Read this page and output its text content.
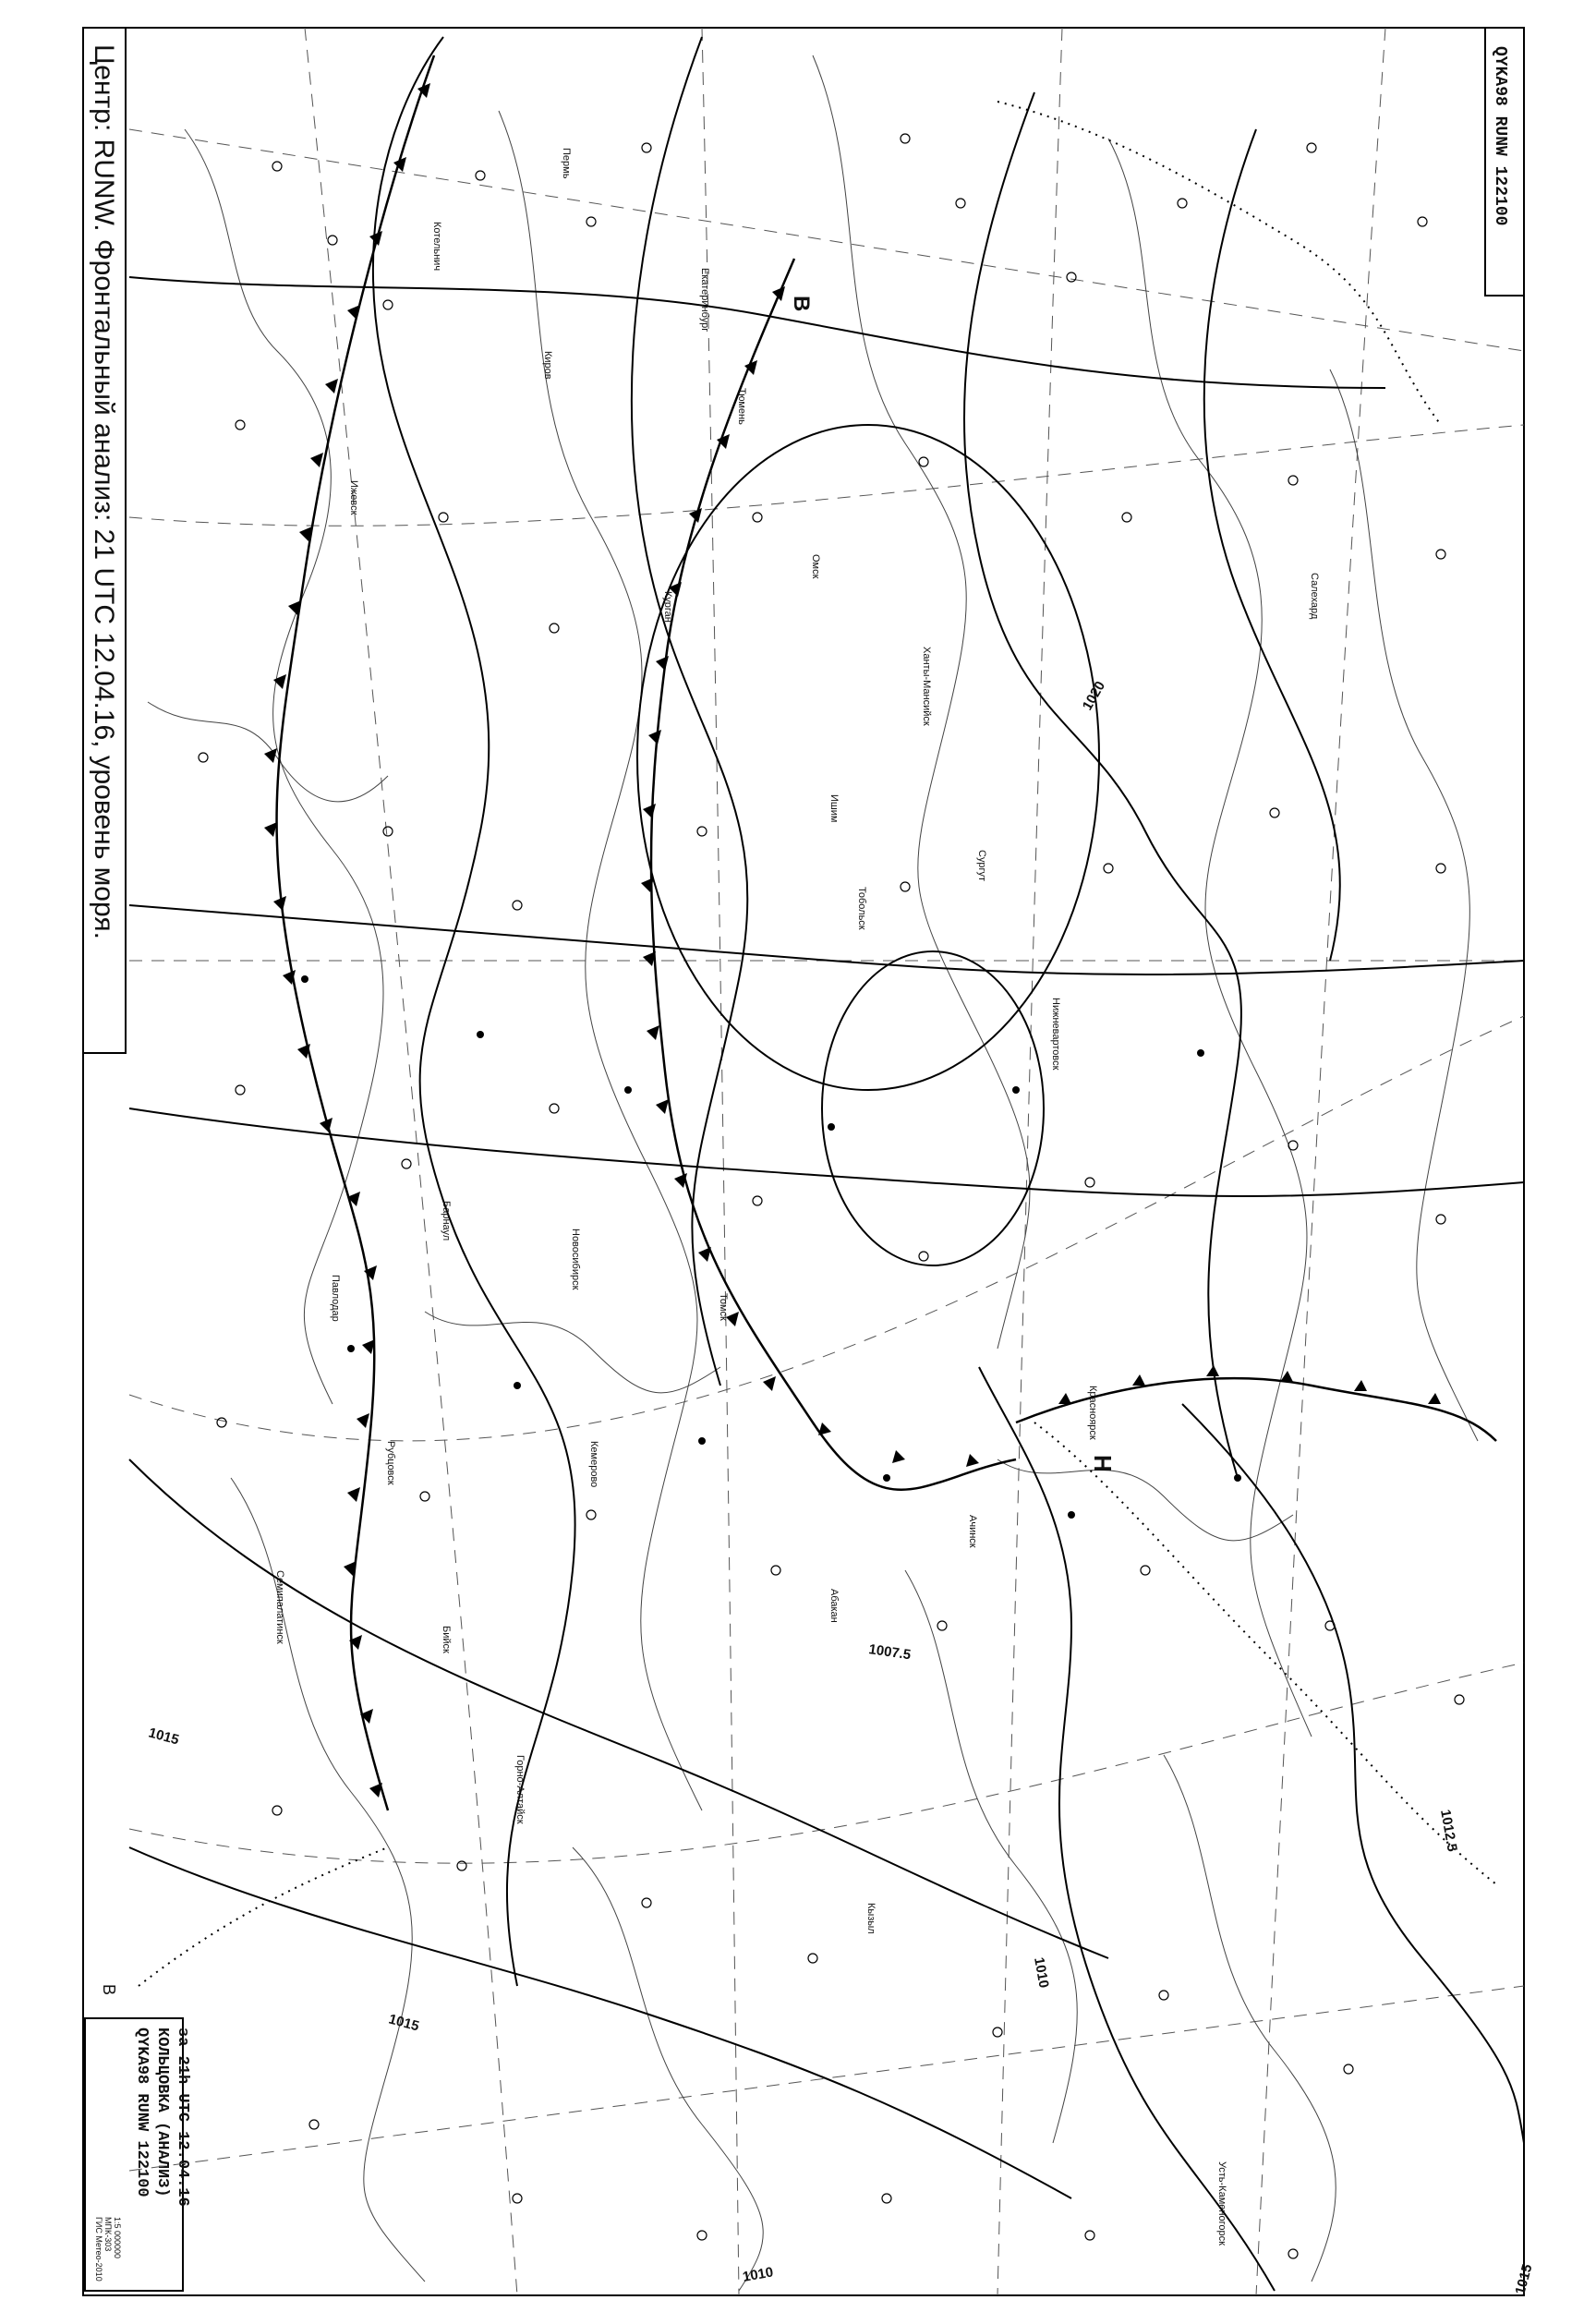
Центр: RUNW. Фронтальный анализ: 21 UTC 12.04.16, уровень моря.	QYKA98 RUNW 122100
QYKA98 RUNW 122100 КОЛЬЦОВКА (АНАЛИЗ) за 21h UTC 12.04.16
ГИС Метео-2010 МПК-303 1:5 000000
В
1020
1015
1015
1010
1007.5
1012.5
1015
1010
В
Н
Котельнич
Киров
Ижевск
Пермь
Екатеринбург
Тюмень
Курган
Ишим
Омск
Новосибирск
Барнаул
Кемерово
Томск
Тобольск
Сургут
Нижневартовск
Ханты-Мансийск
Салехард
Красноярск
Ачинск
Абакан
Кызыл
Бийск
Горно-Алтайск
Павлодар
Семипалатинск
Усть-Каменогорск
Рубцовск
